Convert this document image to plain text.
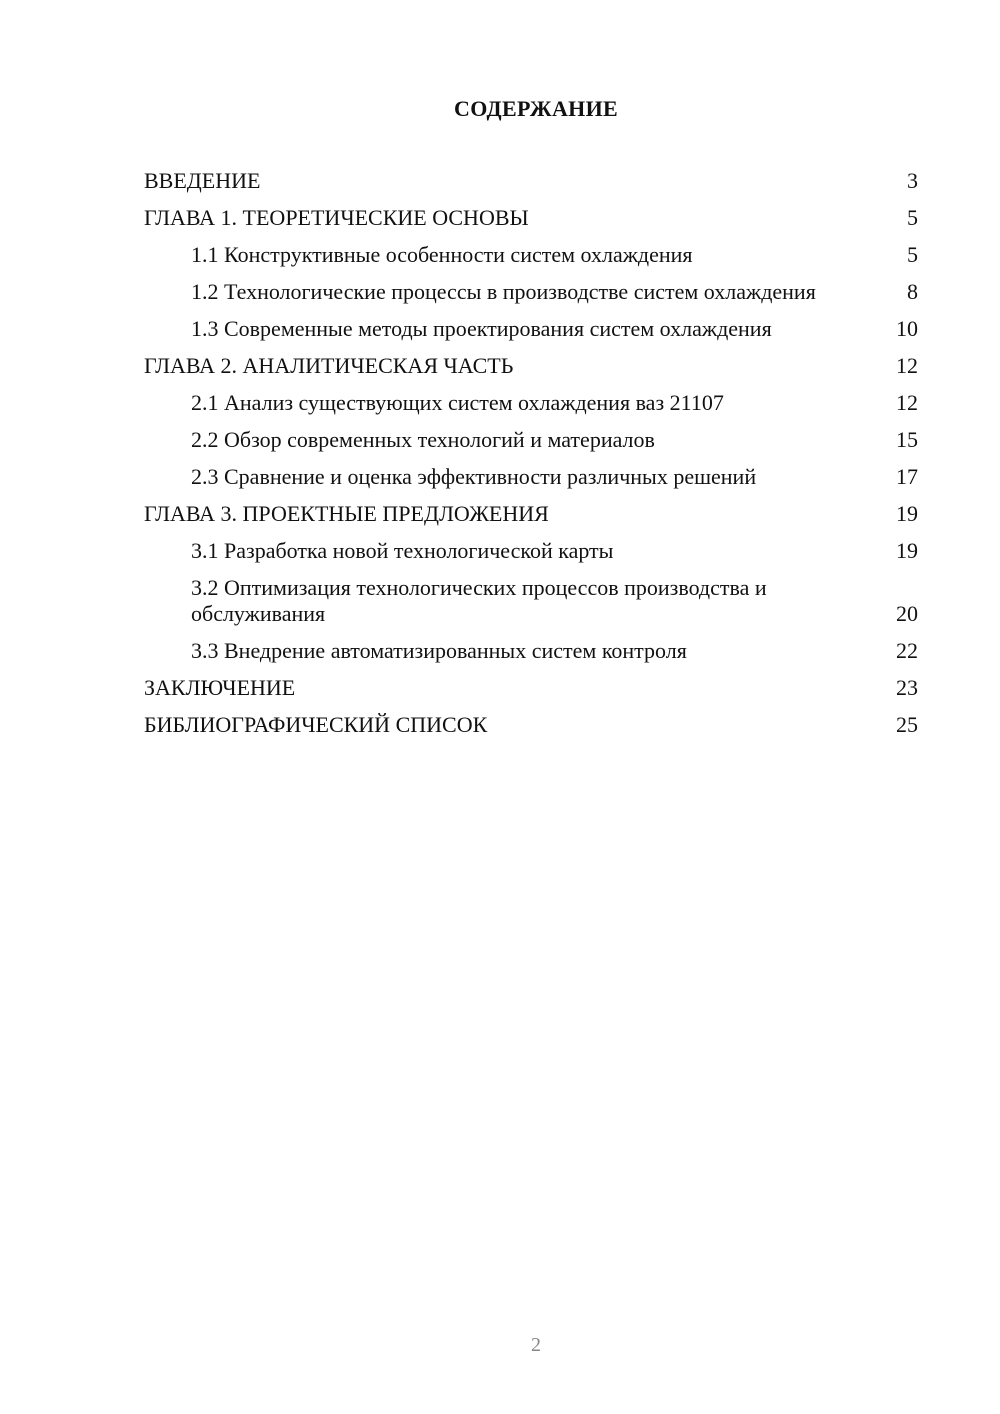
СОДЕРЖАНИЕ
ВВЕДЕНИЕ	3
ГЛАВА 1. ТЕОРЕТИЧЕСКИЕ ОСНОВЫ	5
1.1 Конструктивные особенности систем охлаждения	5
1.2 Технологические процессы в производстве систем охлаждения	8
1.3 Современные методы проектирования систем охлаждения	10
ГЛАВА 2. АНАЛИТИЧЕСКАЯ ЧАСТЬ	12
2.1 Анализ существующих систем охлаждения ваз 21107	12
2.2 Обзор современных технологий и материалов	15
2.3 Сравнение и оценка эффективности различных решений	17
ГЛАВА 3. ПРОЕКТНЫЕ ПРЕДЛОЖЕНИЯ	19
3.1 Разработка новой технологической карты	19
3.2 Оптимизация технологических процессов производства и обслуживания	20
3.3 Внедрение автоматизированных систем контроля	22
ЗАКЛЮЧЕНИЕ	23
БИБЛИОГРАФИЧЕСКИЙ СПИСОК	25
2
